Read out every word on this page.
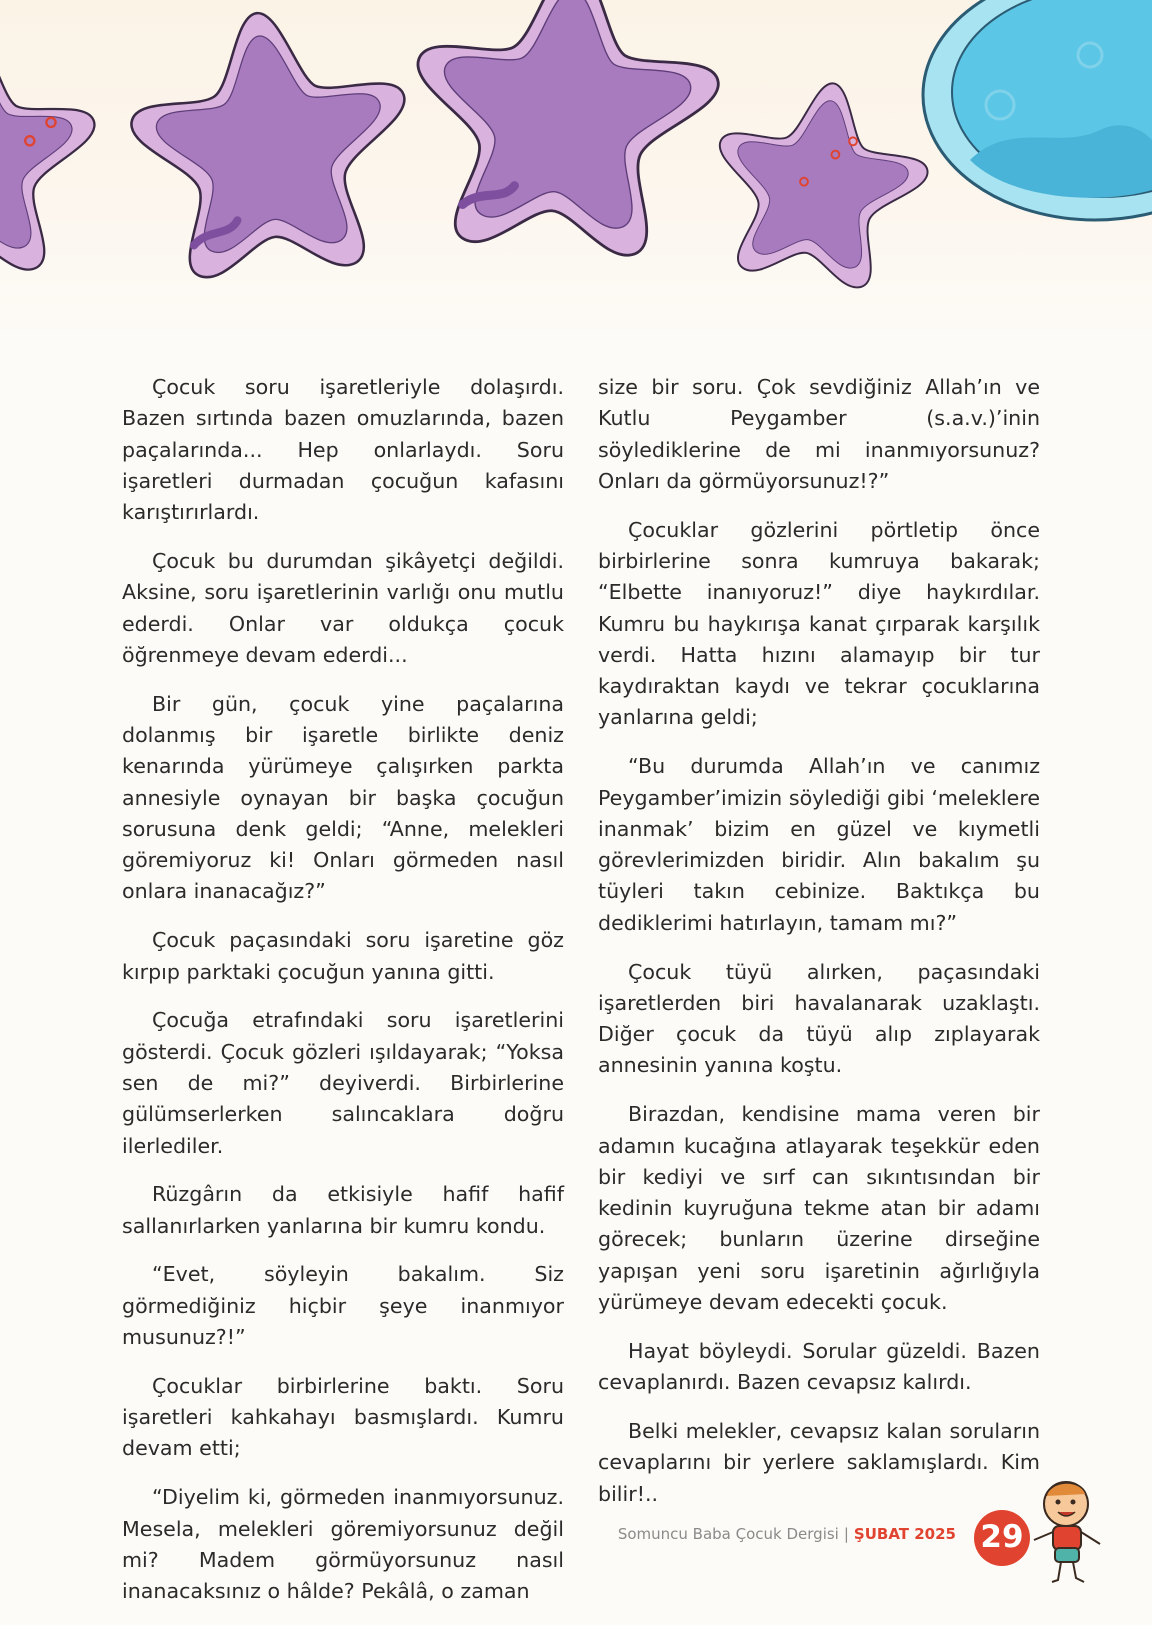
Çocuk soru işaretleriyle dolaşırdı. Bazen sırtında bazen omuzlarında, bazen paçalarında... Hep onlarlaydı. Soru işaretleri durmadan çocuğun kafasını karıştırırlardı.

Çocuk bu durumdan şikâyetçi değildi. Aksine, soru işaretlerinin varlığı onu mutlu ederdi. Onlar var oldukça çocuk öğrenmeye devam ederdi...

Bir gün, çocuk yine paçalarına dolanmış bir işaretle birlikte deniz kenarında yürümeye çalışırken parkta annesiyle oynayan bir başka çocuğun sorusuna denk geldi; “Anne, melekleri göremiyoruz ki! Onları görmeden nasıl onlara inanacağız?”

Çocuk paçasındaki soru işaretine göz kırpıp parktaki çocuğun yanına gitti.

Çocuğa etrafındaki soru işaretlerini gösterdi. Çocuk gözleri ışıldayarak; “Yoksa sen de mi?” deyiverdi. Birbirlerine gülümserlerken salıncaklara doğru ilerlediler.

Rüzgârın da etkisiyle hafif hafif sallanırlarken yanlarına bir kumru kondu.

“Evet, söyleyin bakalım. Siz görmediğiniz hiçbir şeye inanmıyor musunuz?!”

Çocuklar birbirlerine baktı. Soru işaretleri kahkahayı basmışlardı. Kumru devam etti;

“Diyelim ki, görmeden inanmıyorsunuz. Mesela, melekleri göremiyorsunuz değil mi? Madem görmüyorsunuz nasıl inanacaksınız o hâlde? Pekâlâ, o zaman

size bir soru. Çok sevdiğiniz Allah’ın ve Kutlu Peygamber (s.a.v.)’inin söylediklerine de mi inanmıyorsunuz? Onları da görmüyorsunuz!?”

Çocuklar gözlerini pörtletip önce birbirlerine sonra kumruya bakarak; “Elbette inanıyoruz!” diye haykırdılar. Kumru bu haykırışa kanat çırparak karşılık verdi. Hatta hızını alamayıp bir tur kaydıraktan kaydı ve tekrar çocuklarına yanlarına geldi;

“Bu durumda Allah’ın ve canımız Peygamber’imizin söylediği gibi ‘meleklere inanmak’ bizim en güzel ve kıymetli görevlerimizden biridir. Alın bakalım şu tüyleri takın cebinize. Baktıkça bu dediklerimi hatırlayın, tamam mı?”

Çocuk tüyü alırken, paçasındaki işaretlerden biri havalanarak uzaklaştı. Diğer çocuk da tüyü alıp zıplayarak annesinin yanına koştu.

Birazdan, kendisine mama veren bir adamın kucağına atlayarak teşekkür eden bir kediyi ve sırf can sıkıntısından bir kedinin kuyruğuna tekme atan bir adamı görecek; bunların üzerine dirseğine yapışan yeni soru işaretinin ağırlığıyla yürümeye devam edecekti çocuk.

Hayat böyleydi. Sorular güzeldi. Bazen cevaplanırdı. Bazen cevapsız kalırdı.

Belki melekler, cevapsız kalan soruların cevaplarını bir yerlere saklamışlardı. Kim bilir!..

Somuncu Baba Çocuk Dergisi | ŞUBAT 2025 29
